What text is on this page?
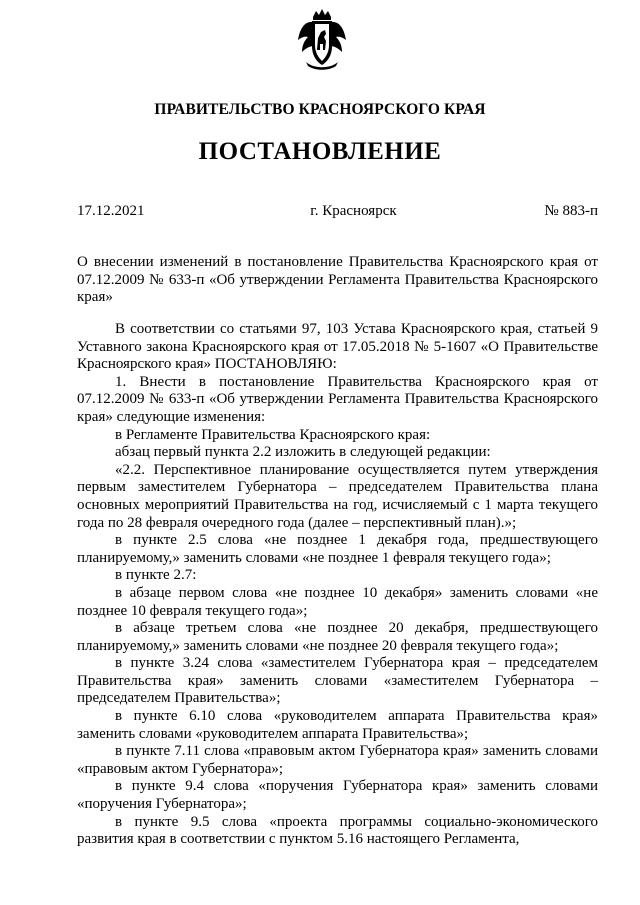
ПРАВИТЕЛЬСТВО КРАСНОЯРСКОГО КРАЯ
ПОСТАНОВЛЕНИЕ
17.12.2021	г. Красноярск	№ 883-п
О внесении изменений в постановление Правительства Красноярского края от 07.12.2009 № 633-п «Об утверждении Регламента Правительства Красноярского края»

В соответствии со статьями 97, 103 Устава Красноярского края, статьей 9 Уставного закона Красноярского края от 17.05.2018 № 5-1607 «О Правительстве Красноярского края» ПОСТАНОВЛЯЮ:

1. Внести в постановление Правительства Красноярского края от 07.12.2009 № 633-п «Об утверждении Регламента Правительства Красноярского края» следующие изменения:

в Регламенте Правительства Красноярского края:

абзац первый пункта 2.2 изложить в следующей редакции:

«2.2. Перспективное планирование осуществляется путем утверждения первым заместителем Губернатора – председателем Правительства плана основных мероприятий Правительства на год, исчисляемый с 1 марта текущего года по 28 февраля очередного года (далее – перспективный план).»;

в пункте 2.5 слова «не позднее 1 декабря года, предшествующего планируемому,» заменить словами «не позднее 1 февраля текущего года»;

в пункте 2.7:

в абзаце первом слова «не позднее 10 декабря» заменить словами «не позднее 10 февраля текущего года»;

в абзаце третьем слова «не позднее 20 декабря, предшествующего планируемому,» заменить словами «не позднее 20 февраля текущего года»;

в пункте 3.24 слова «заместителем Губернатора края – председателем Правительства края» заменить словами «заместителем Губернатора – председателем Правительства»;

в пункте 6.10 слова «руководителем аппарата Правительства края» заменить словами «руководителем аппарата Правительства»;

в пункте 7.11 слова «правовым актом Губернатора края» заменить словами «правовым актом Губернатора»;

в пункте 9.4 слова «поручения Губернатора края» заменить словами «поручения Губернатора»;

в пункте 9.5 слова «проекта программы социально-экономического развития края в соответствии с пунктом 5.16 настоящего Регламента,
